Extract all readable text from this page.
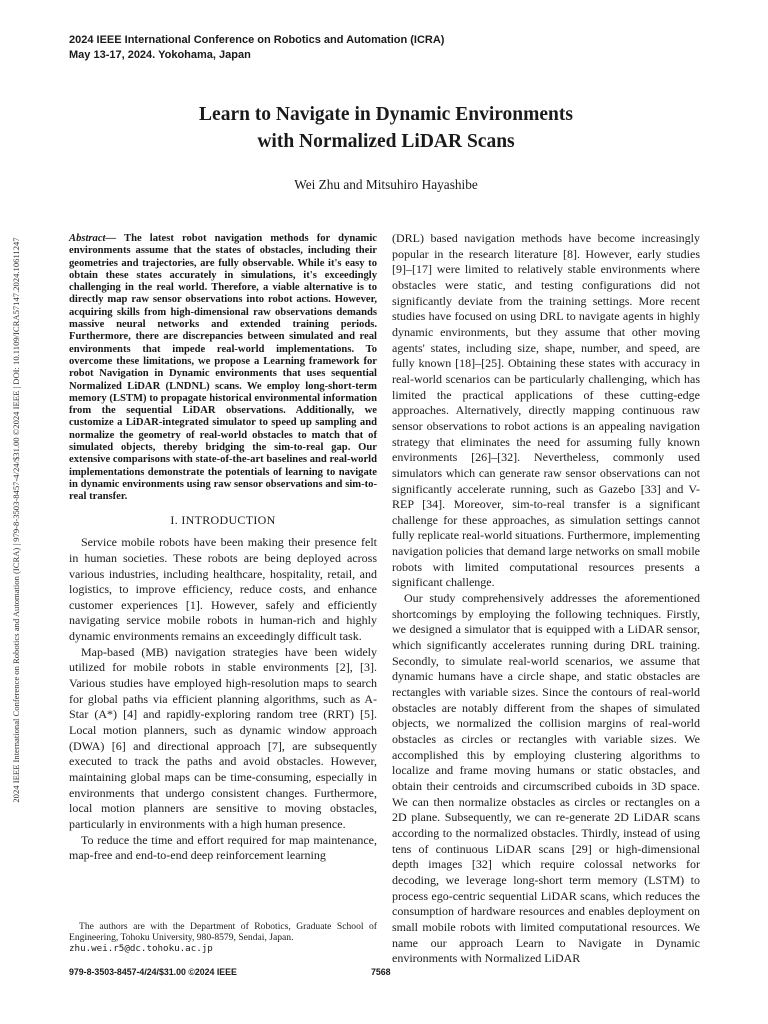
2024 IEEE International Conference on Robotics and Automation (ICRA)
May 13-17, 2024. Yokohama, Japan
2024 IEEE International Conference on Robotics and Automation (ICRA) | 979-8-3503-8457-4/24/$31.00 ©2024 IEEE | DOI: 10.1109/ICRA57147.2024.10611247
Learn to Navigate in Dynamic Environments
with Normalized LiDAR Scans
Wei Zhu and Mitsuhiro Hayashibe

Abstract— The latest robot navigation methods for dynamic environments assume that the states of obstacles, including their geometries and trajectories, are fully observable. While it's easy to obtain these states accurately in simulations, it's exceedingly challenging in the real world. Therefore, a viable alternative is to directly map raw sensor observations into robot actions. However, acquiring skills from high-dimensional raw observations demands massive neural networks and extended training periods. Furthermore, there are discrepancies between simulated and real environments that impede real-world implementations. To overcome these limitations, we propose a Learning framework for robot Navigation in Dynamic environments that uses sequential Normalized LiDAR (LNDNL) scans. We employ long-short-term memory (LSTM) to propagate historical environmental information from the sequential LiDAR observations. Additionally, we customize a LiDAR-integrated simulator to speed up sampling and normalize the geometry of real-world obstacles to match that of simulated objects, thereby bridging the sim-to-real gap. Our extensive comparisons with state-of-the-art baselines and real-world implementations demonstrate the potentials of learning to navigate in dynamic environments using raw sensor observations and sim-to-real transfer.

I. INTRODUCTION

Service mobile robots have been making their presence felt in human societies. These robots are being deployed across various industries, including healthcare, hospitality, retail, and logistics, to improve efficiency, reduce costs, and enhance customer experiences [1]. However, safely and efficiently navigating service mobile robots in human-rich and highly dynamic environments remains an exceedingly difficult task.

Map-based (MB) navigation strategies have been widely utilized for mobile robots in stable environments [2], [3]. Various studies have employed high-resolution maps to search for global paths via efficient planning algorithms, such as A-Star (A*) [4] and rapidly-exploring random tree (RRT) [5]. Local motion planners, such as dynamic window approach (DWA) [6] and directional approach [7], are subsequently executed to track the paths and avoid obstacles. However, maintaining global maps can be time-consuming, especially in environments that undergo consistent changes. Furthermore, local motion planners are sensitive to moving obstacles, particularly in environments with a high human presence.

To reduce the time and effort required for map maintenance, map-free and end-to-end deep reinforcement learning

The authors are with the Department of Robotics, Graduate School of Engineering, Tohoku University, 980-8579, Sendai, Japan.

zhu.wei.r5@dc.tohoku.ac.jp

(DRL) based navigation methods have become increasingly popular in the research literature [8]. However, early studies [9]–[17] were limited to relatively stable environments where obstacles were static, and testing configurations did not significantly deviate from the training settings. More recent studies have focused on using DRL to navigate agents in highly dynamic environments, but they assume that other moving agents' states, including size, shape, number, and speed, are fully known [18]–[25]. Obtaining these states with accuracy in real-world scenarios can be particularly challenging, which has limited the practical applications of these cutting-edge approaches. Alternatively, directly mapping continuous raw sensor observations to robot actions is an appealing navigation strategy that eliminates the need for assuming fully known environments [26]–[32]. Nevertheless, commonly used simulators which can generate raw sensor observations can not significantly accelerate running, such as Gazebo [33] and V-REP [34]. Moreover, sim-to-real transfer is a significant challenge for these approaches, as simulation settings cannot fully replicate real-world situations. Furthermore, implementing navigation policies that demand large networks on small mobile robots with limited computational resources presents a significant challenge.

Our study comprehensively addresses the aforementioned shortcomings by employing the following techniques. Firstly, we designed a simulator that is equipped with a LiDAR sensor, which significantly accelerates running during DRL training. Secondly, to simulate real-world scenarios, we assume that dynamic humans have a circle shape, and static obstacles are rectangles with variable sizes. Since the contours of real-world obstacles are notably different from the shapes of simulated objects, we normalized the collision margins of real-world obstacles as circles or rectangles with variable sizes. We accomplished this by employing clustering algorithms to localize and frame moving humans or static obstacles, and obtain their centroids and circumscribed cuboids in 3D space. We can then normalize obstacles as circles or rectangles on a 2D plane. Subsequently, we can re-generate 2D LiDAR scans according to the normalized obstacles. Thirdly, instead of using tens of continuous LiDAR scans [29] or high-dimensional depth images [32] which require colossal networks for decoding, we leverage long-short term memory (LSTM) to process ego-centric sequential LiDAR scans, which reduces the consumption of hardware resources and enables deployment on small mobile robots with limited computational resources. We name our approach Learn to Navigate in Dynamic environments with Normalized LiDAR

979-8-3503-8457-4/24/$31.00 ©2024 IEEE	7568
